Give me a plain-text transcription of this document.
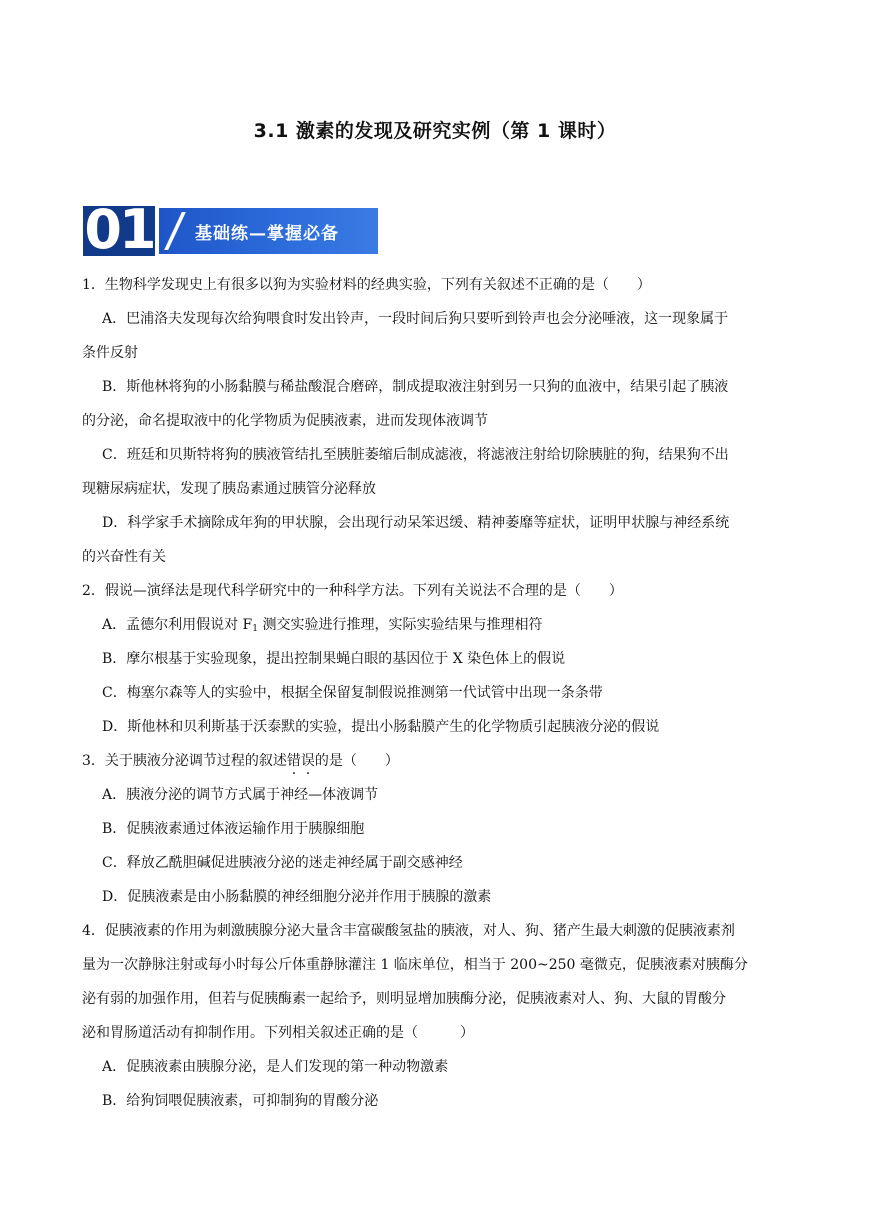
3.1 激素的发现及研究实例（第 1 课时）
01 基础练—掌握必备
1．生物科学发现史上有很多以狗为实验材料的经典实验，下列有关叙述不正确的是（　　）
A．巴浦洛夫发现每次给狗喂食时发出铃声，一段时间后狗只要听到铃声也会分泌唾液，这一现象属于
条件反射
B．斯他林将狗的小肠黏膜与稀盐酸混合磨碎，制成提取液注射到另一只狗的血液中，结果引起了胰液
的分泌，命名提取液中的化学物质为促胰液素，进而发现体液调节
C．班廷和贝斯特将狗的胰液管结扎至胰脏萎缩后制成滤液，将滤液注射给切除胰脏的狗，结果狗不出
现糖尿病症状，发现了胰岛素通过胰管分泌释放
D．科学家手术摘除成年狗的甲状腺，会出现行动呆笨迟缓、精神萎靡等症状，证明甲状腺与神经系统
的兴奋性有关
2．假说—演绎法是现代科学研究中的一种科学方法。下列有关说法不合理的是（　　）
A．孟德尔利用假说对 $F_1$ 测交实验进行推理，实际实验结果与推理相符
B．摩尔根基于实验现象，提出控制果蝇白眼的基因位于 X 染色体上的假说
C．梅塞尔森等人的实验中，根据全保留复制假说推测第一代试管中出现一条条带
D．斯他林和贝利斯基于沃泰默的实验，提出小肠黏膜产生的化学物质引起胰液分泌的假说
3．关于胰液分泌调节过程的叙述错误的是（　　）
A．胰液分泌的调节方式属于神经—体液调节
B．促胰液素通过体液运输作用于胰腺细胞
C．释放乙酰胆碱促进胰液分泌的迷走神经属于副交感神经
D．促胰液素是由小肠黏膜的神经细胞分泌并作用于胰腺的激素
4．促胰液素的作用为刺激胰腺分泌大量含丰富碳酸氢盐的胰液，对人、狗、猪产生最大刺激的促胰液素剂
量为一次静脉注射或每小时每公斤体重静脉灌注 1 临床单位，相当于 200~250 毫微克，促胰液素对胰酶分
泌有弱的加强作用，但若与促胰酶素一起给予，则明显增加胰酶分泌，促胰液素对人、狗、大鼠的胃酸分
泌和胃肠道活动有抑制作用。下列相关叙述正确的是（　　　）
A．促胰液素由胰腺分泌，是人们发现的第一种动物激素
B．给狗饲喂促胰液素，可抑制狗的胃酸分泌
